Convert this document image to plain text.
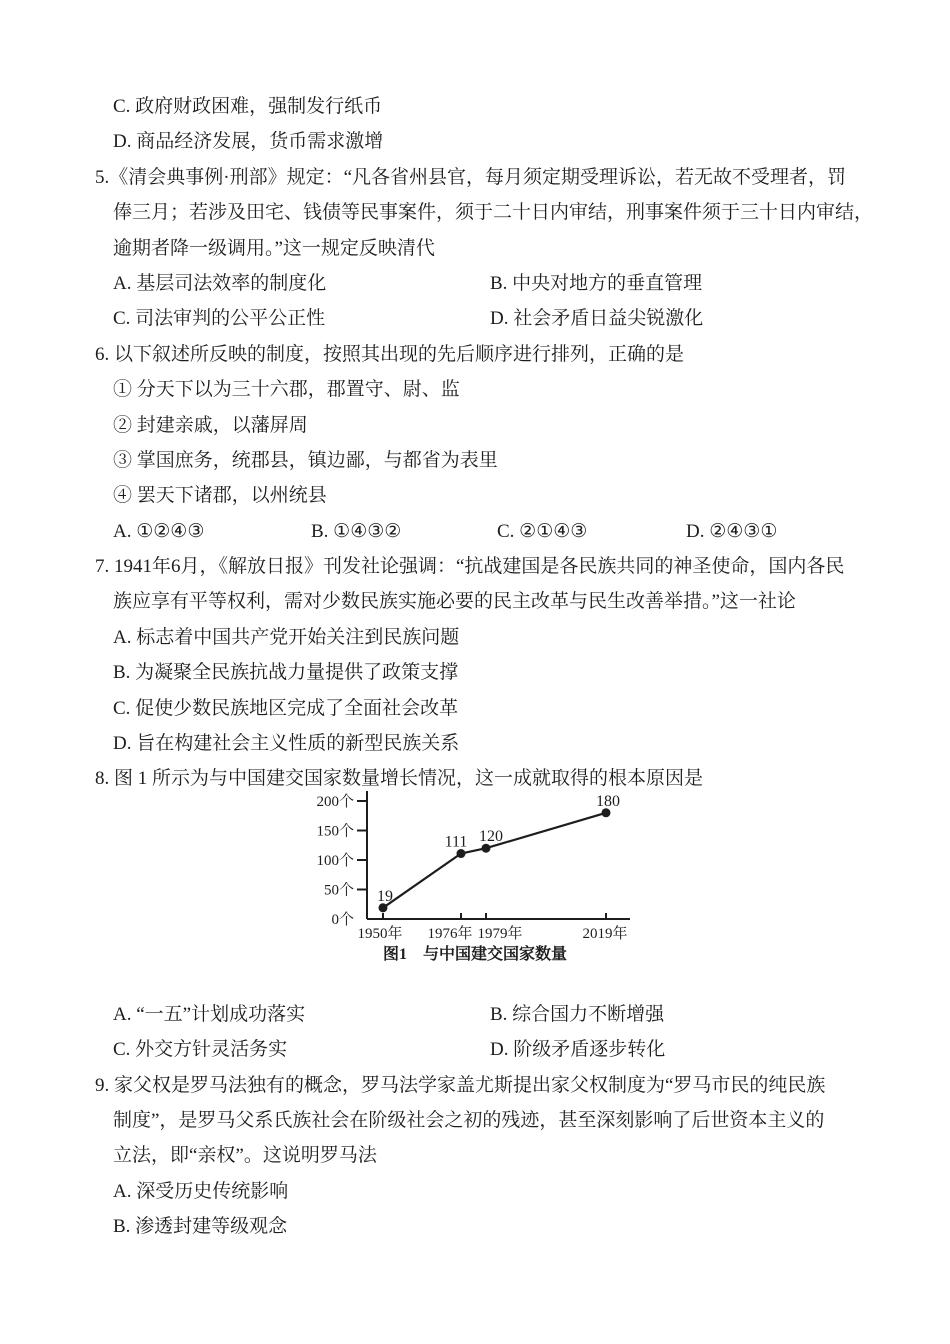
C. 政府财政困难，强制发行纸币
D. 商品经济发展，货币需求激增
5.《清会典事例·刑部》规定：“凡各省州县官，每月须定期受理诉讼，若无故不受理者，罚
俸三月；若涉及田宅、钱债等民事案件，须于二十日内审结，刑事案件须于三十日内审结，
逾期者降一级调用。”这一规定反映清代
A. 基层司法效率的制度化	B. 中央对地方的垂直管理
C. 司法审判的公平公正性	D. 社会矛盾日益尖锐激化
6. 以下叙述所反映的制度，按照其出现的先后顺序进行排列，正确的是
① 分天下以为三十六郡，郡置守、尉、监
② 封建亲戚，以藩屏周
③ 掌国庶务，统郡县，镇边鄙，与都省为表里
④ 罢天下诸郡，以州统县
A. ①②④③	B. ①④③②	C. ②①④③	D. ②④③①
7. 1941年6月，《解放日报》刊发社论强调：“抗战建国是各民族共同的神圣使命，国内各民
族应享有平等权利，需对少数民族实施必要的民主改革与民生改善举措。”这一社论
A. 标志着中国共产党开始关注到民族问题
B. 为凝聚全民族抗战力量提供了政策支撑
C. 促使少数民族地区完成了全面社会改革
D. 旨在构建社会主义性质的新型民族关系
8. 图 1 所示为与中国建交国家数量增长情况，这一成就取得的根本原因是
0个
50个
100个
150个
200个
1950年 1976年 1979年	2019年
19
111 120
180
图1　与中国建交国家数量
A. “一五”计划成功落实	B. 综合国力不断增强
C. 外交方针灵活务实	D. 阶级矛盾逐步转化
9. 家父权是罗马法独有的概念，罗马法学家盖尤斯提出家父权制度为“罗马市民的纯民族
制度”，是罗马父系氏族社会在阶级社会之初的残迹，甚至深刻影响了后世资本主义的
立法，即“亲权”。这说明罗马法
A. 深受历史传统影响
B. 渗透封建等级观念
